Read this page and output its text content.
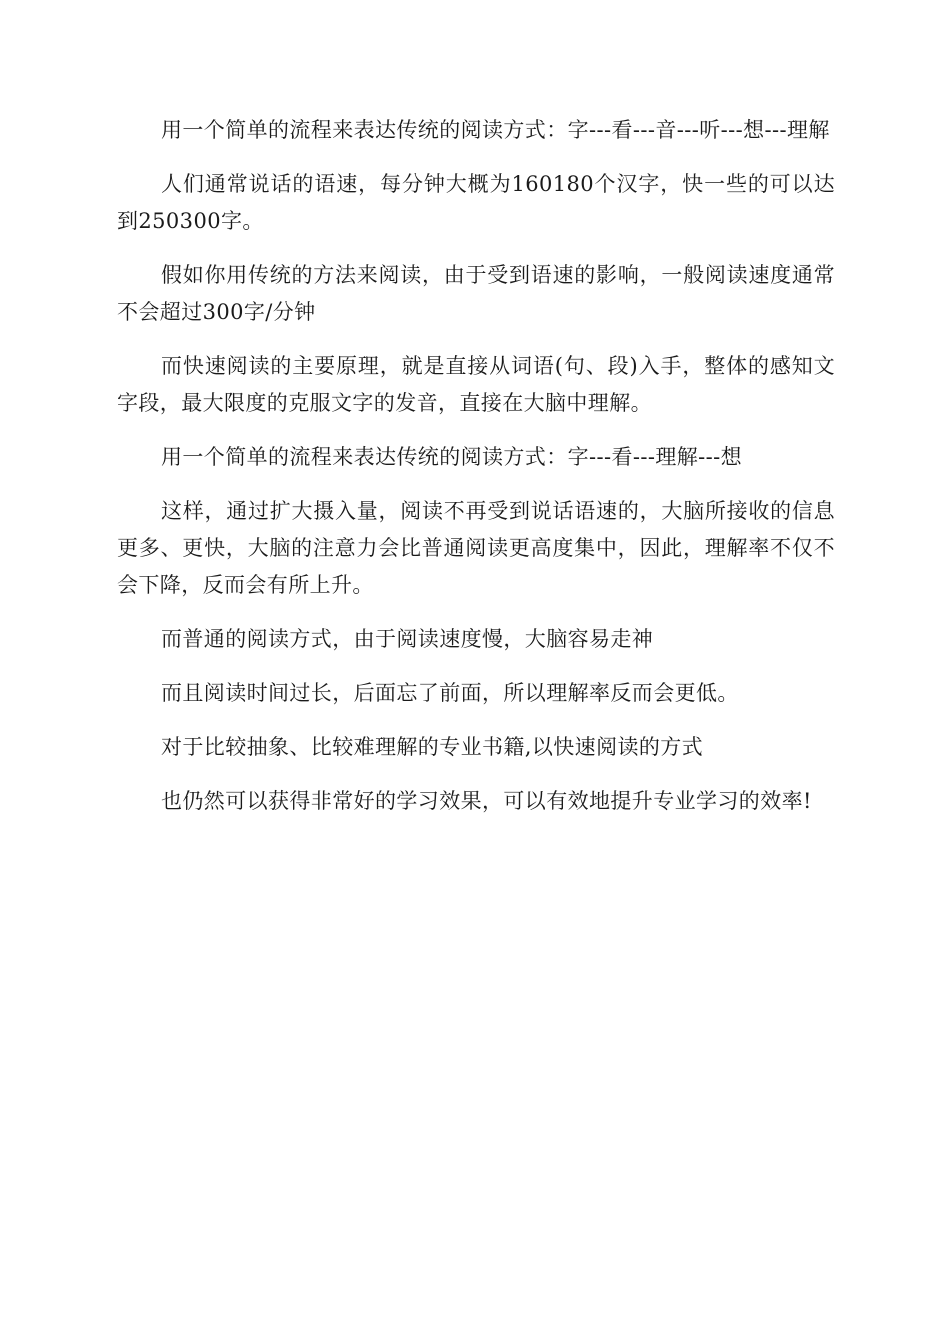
用一个简单的流程来表达传统的阅读方式：字---看---音---听---想---理解

人们通常说话的语速，每分钟大概为160180个汉字，快一些的可以达到250300字。

假如你用传统的方法来阅读，由于受到语速的影响，一般阅读速度通常不会超过300字/分钟

而快速阅读的主要原理，就是直接从词语(句、段)入手，整体的感知文字段，最大限度的克服文字的发音，直接在大脑中理解。

用一个简单的流程来表达传统的阅读方式：字---看---理解---想

这样，通过扩大摄入量，阅读不再受到说话语速的，大脑所接收的信息更多、更快，大脑的注意力会比普通阅读更高度集中，因此，理解率不仅不会下降，反而会有所上升。

而普通的阅读方式，由于阅读速度慢，大脑容易走神

而且阅读时间过长，后面忘了前面，所以理解率反而会更低。

对于比较抽象、比较难理解的专业书籍,以快速阅读的方式

也仍然可以获得非常好的学习效果，可以有效地提升专业学习的效率!
